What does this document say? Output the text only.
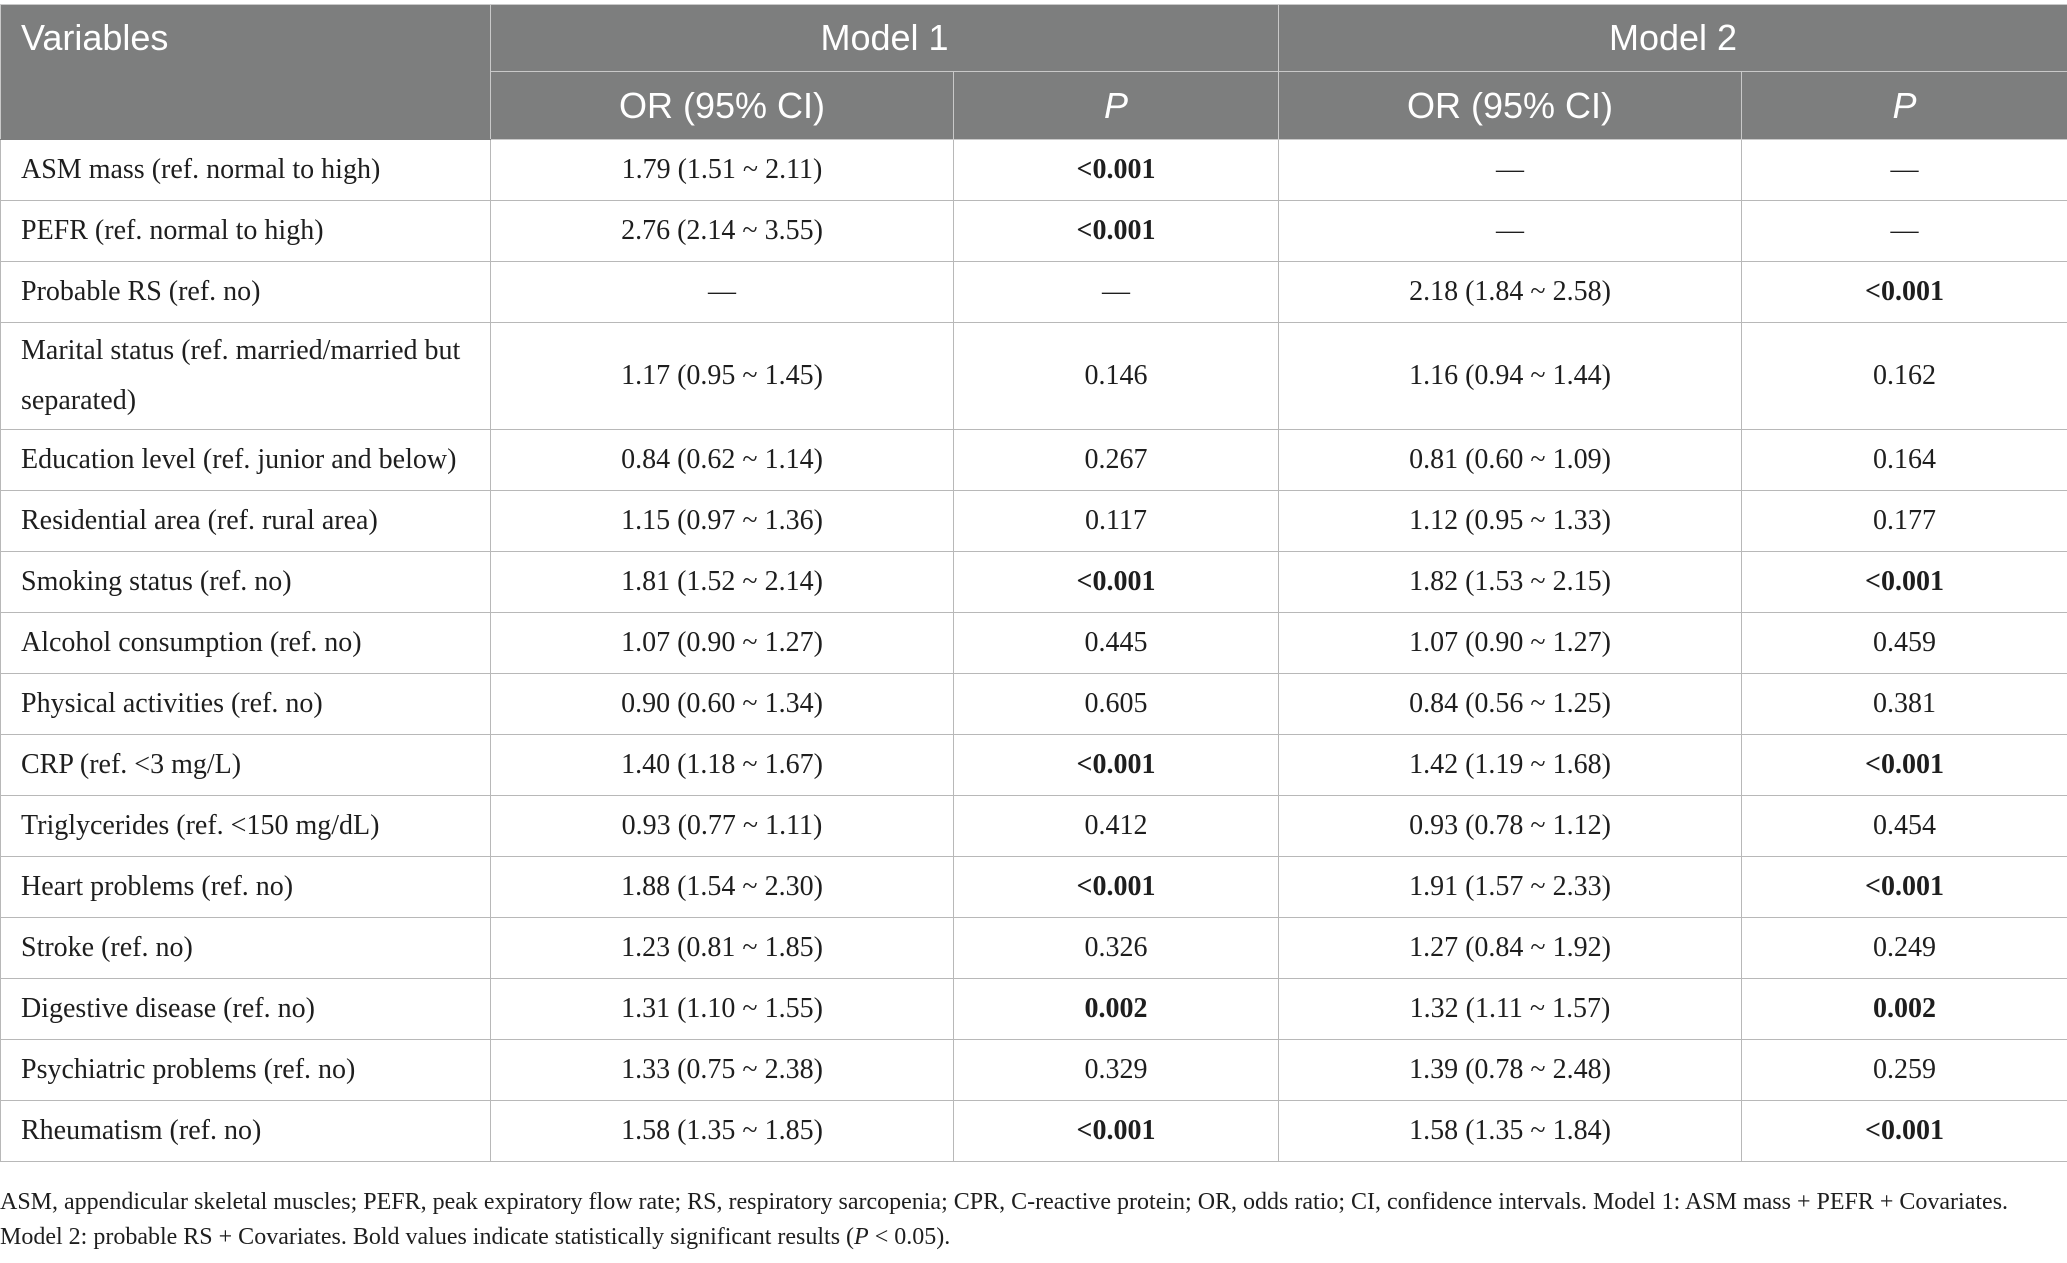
Variables	Model 1		Model 2	
	OR (95% CI)	P	OR (95% CI)	P
ASM mass (ref. normal to high)	1.79 (1.51 ~ 2.11)	<0.001	—	—
PEFR (ref. normal to high)	2.76 (2.14 ~ 3.55)	<0.001	—	—
Probable RS (ref. no)	—	—	2.18 (1.84 ~ 2.58)	<0.001
Marital status (ref. married/married but separated)	1.17 (0.95 ~ 1.45)	0.146	1.16 (0.94 ~ 1.44)	0.162
Education level (ref. junior and below)	0.84 (0.62 ~ 1.14)	0.267	0.81 (0.60 ~ 1.09)	0.164
Residential area (ref. rural area)	1.15 (0.97 ~ 1.36)	0.117	1.12 (0.95 ~ 1.33)	0.177
Smoking status (ref. no)	1.81 (1.52 ~ 2.14)	<0.001	1.82 (1.53 ~ 2.15)	<0.001
Alcohol consumption (ref. no)	1.07 (0.90 ~ 1.27)	0.445	1.07 (0.90 ~ 1.27)	0.459
Physical activities (ref. no)	0.90 (0.60 ~ 1.34)	0.605	0.84 (0.56 ~ 1.25)	0.381
CRP (ref. <3 mg/L)	1.40 (1.18 ~ 1.67)	<0.001	1.42 (1.19 ~ 1.68)	<0.001
Triglycerides (ref. <150 mg/dL)	0.93 (0.77 ~ 1.11)	0.412	0.93 (0.78 ~ 1.12)	0.454
Heart problems (ref. no)	1.88 (1.54 ~ 2.30)	<0.001	1.91 (1.57 ~ 2.33)	<0.001
Stroke (ref. no)	1.23 (0.81 ~ 1.85)	0.326	1.27 (0.84 ~ 1.92)	0.249
Digestive disease (ref. no)	1.31 (1.10 ~ 1.55)	0.002	1.32 (1.11 ~ 1.57)	0.002
Psychiatric problems (ref. no)	1.33 (0.75 ~ 2.38)	0.329	1.39 (0.78 ~ 2.48)	0.259
Rheumatism (ref. no)	1.58 (1.35 ~ 1.85)	<0.001	1.58 (1.35 ~ 1.84)	<0.001
ASM, appendicular skeletal muscles; PEFR, peak expiratory flow rate; RS, respiratory sarcopenia; CPR, C-reactive protein; OR, odds ratio; CI, confidence intervals. Model 1: ASM mass + PEFR + Covariates. Model 2: probable RS + Covariates. Bold values indicate statistically significant results (P < 0.05).
